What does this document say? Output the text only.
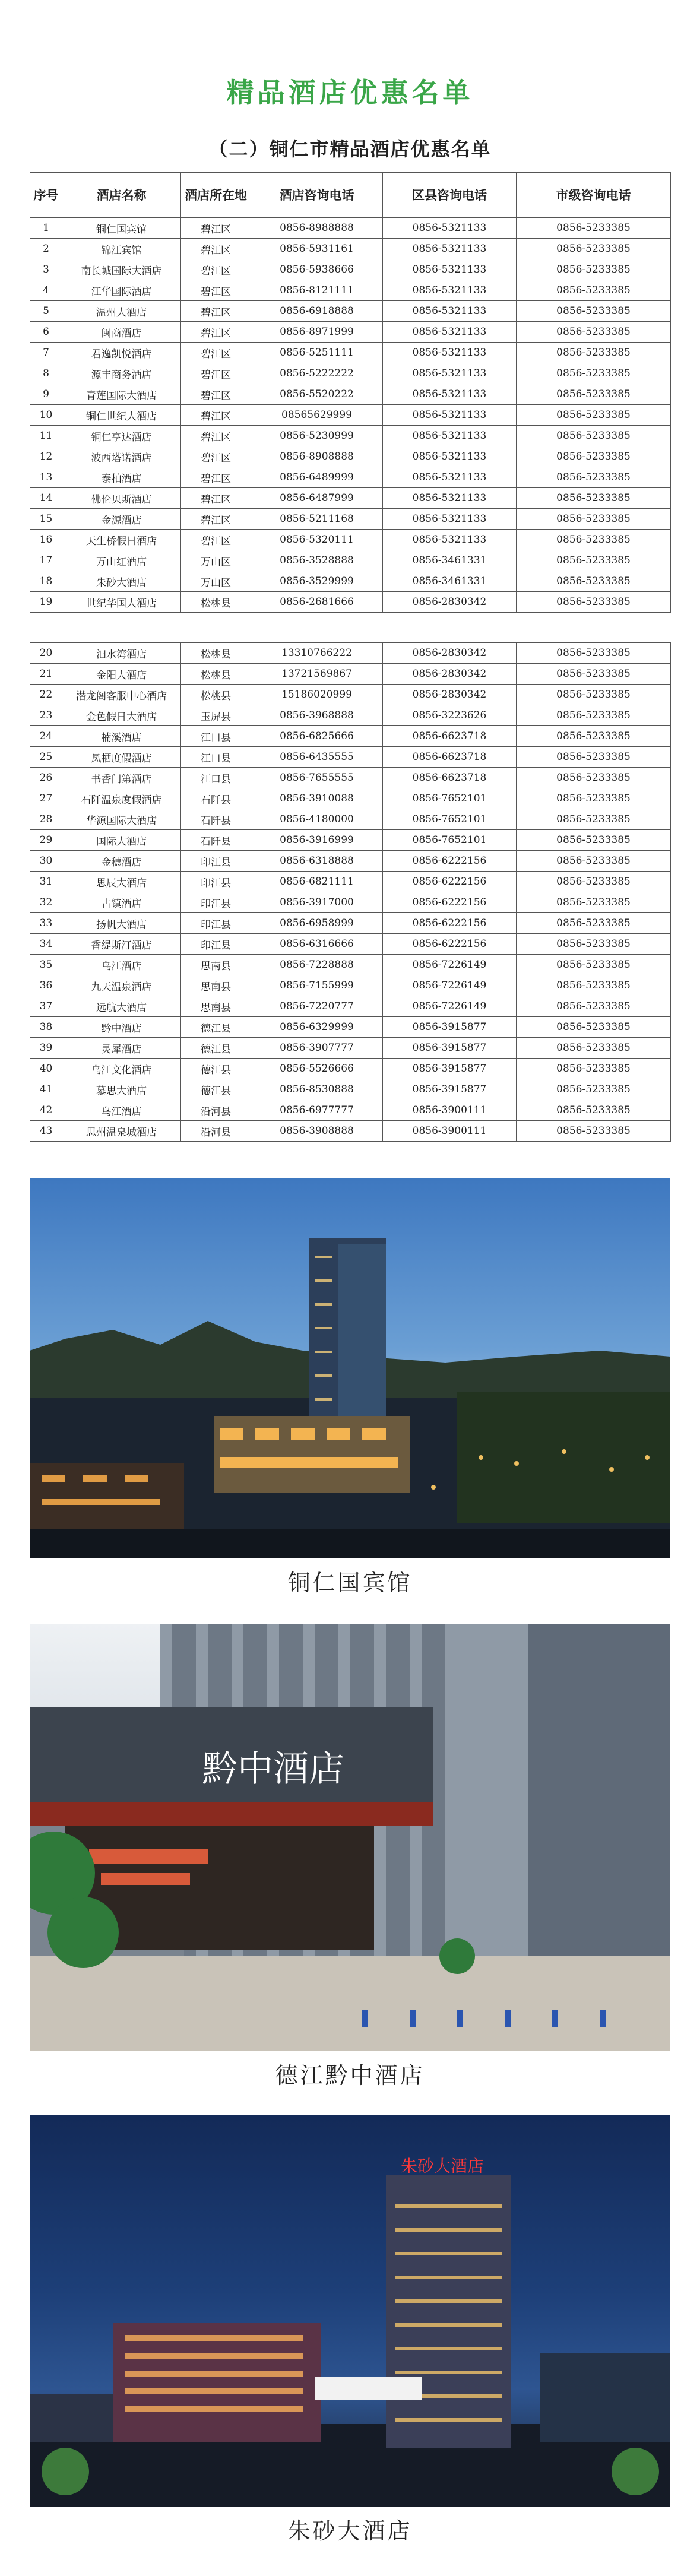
精品酒店优惠名单
（二）铜仁市精品酒店优惠名单
序号	酒店名称	酒店所在地	酒店咨询电话	区县咨询电话	市级咨询电话
1	铜仁国宾馆	碧江区	0856-8988888	0856-5321133	0856-5233385
2	锦江宾馆	碧江区	0856-5931161	0856-5321133	0856-5233385
3	南长城国际大酒店	碧江区	0856-5938666	0856-5321133	0856-5233385
4	江华国际酒店	碧江区	0856-8121111	0856-5321133	0856-5233385
5	温州大酒店	碧江区	0856-6918888	0856-5321133	0856-5233385
6	闽商酒店	碧江区	0856-8971999	0856-5321133	0856-5233385
7	君逸凯悦酒店	碧江区	0856-5251111	0856-5321133	0856-5233385
8	源丰商务酒店	碧江区	0856-5222222	0856-5321133	0856-5233385
9	青莲国际大酒店	碧江区	0856-5520222	0856-5321133	0856-5233385
10	铜仁世纪大酒店	碧江区	08565629999	0856-5321133	0856-5233385
11	铜仁亨达酒店	碧江区	0856-5230999	0856-5321133	0856-5233385
12	波西塔诺酒店	碧江区	0856-8908888	0856-5321133	0856-5233385
13	泰柏酒店	碧江区	0856-6489999	0856-5321133	0856-5233385
14	佛伦贝斯酒店	碧江区	0856-6487999	0856-5321133	0856-5233385
15	金源酒店	碧江区	0856-5211168	0856-5321133	0856-5233385
16	天生桥假日酒店	碧江区	0856-5320111	0856-5321133	0856-5233385
17	万山红酒店	万山区	0856-3528888	0856-3461331	0856-5233385
18	朱砂大酒店	万山区	0856-3529999	0856-3461331	0856-5233385
19	世纪华国大酒店	松桃县	0856-2681666	0856-2830342	0856-5233385
20	汩水湾酒店	松桃县	13310766222	0856-2830342	0856-5233385
21	金阳大酒店	松桃县	13721569867	0856-2830342	0856-5233385
22	潜龙阁客服中心酒店	松桃县	15186020999	0856-2830342	0856-5233385
23	金色假日大酒店	玉屏县	0856-3968888	0856-3223626	0856-5233385
24	楠溪酒店	江口县	0856-6825666	0856-6623718	0856-5233385
25	凤栖度假酒店	江口县	0856-6435555	0856-6623718	0856-5233385
26	书香门第酒店	江口县	0856-7655555	0856-6623718	0856-5233385
27	石阡温泉度假酒店	石阡县	0856-3910088	0856-7652101	0856-5233385
28	华源国际大酒店	石阡县	0856-4180000	0856-7652101	0856-5233385
29	国际大酒店	石阡县	0856-3916999	0856-7652101	0856-5233385
30	金穗酒店	印江县	0856-6318888	0856-6222156	0856-5233385
31	思辰大酒店	印江县	0856-6821111	0856-6222156	0856-5233385
32	古镇酒店	印江县	0856-3917000	0856-6222156	0856-5233385
33	扬帆大酒店	印江县	0856-6958999	0856-6222156	0856-5233385
34	香缇斯汀酒店	印江县	0856-6316666	0856-6222156	0856-5233385
35	乌江酒店	思南县	0856-7228888	0856-7226149	0856-5233385
36	九天温泉酒店	思南县	0856-7155999	0856-7226149	0856-5233385
37	远航大酒店	思南县	0856-7220777	0856-7226149	0856-5233385
38	黔中酒店	德江县	0856-6329999	0856-3915877	0856-5233385
39	灵犀酒店	德江县	0856-3907777	0856-3915877	0856-5233385
40	乌江文化酒店	德江县	0856-5526666	0856-3915877	0856-5233385
41	慕思大酒店	德江县	0856-8530888	0856-3915877	0856-5233385
42	乌江酒店	沿河县	0856-6977777	0856-3900111	0856-5233385
43	思州温泉城酒店	沿河县	0856-3908888	0856-3900111	0856-5233385
铜仁国宾馆
黔中酒店
德江黔中酒店
朱砂大酒店
朱砂大酒店
